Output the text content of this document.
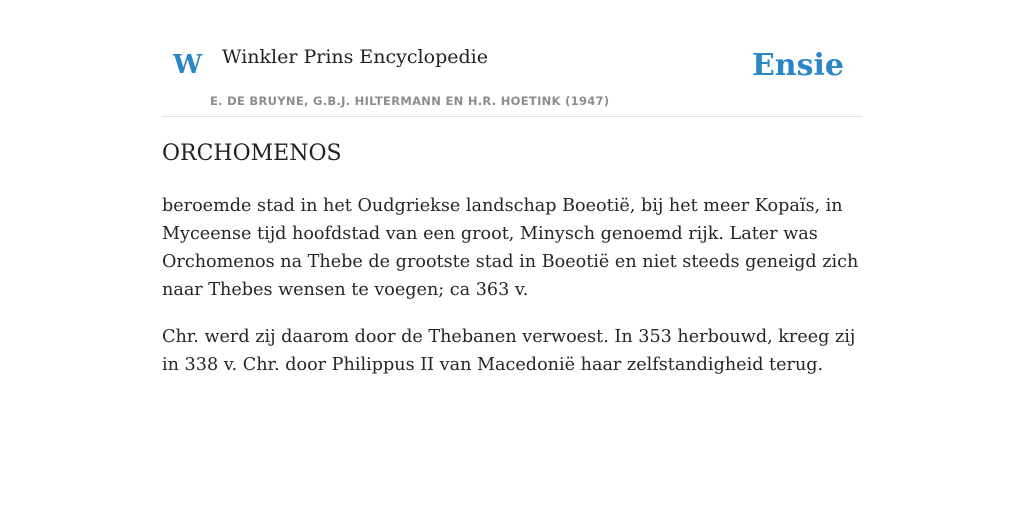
W Winkler Prins Encyclopedie
E. DE BRUYNE, G.B.J. HILTERMANN EN H.R. HOETINK (1947)
Ensie
ORCHOMENOS

beroemde stad in het Oudgriekse landschap Boeotië, bij het meer Kopaïs, in Myceense tijd hoofdstad van een groot, Minysch genoemd rijk. Later was Orchomenos na Thebe de grootste stad in Boeotië en niet steeds geneigd zich naar Thebes wensen te voegen; ca 363 v.

Chr. werd zij daarom door de Thebanen verwoest. In 353 herbouwd, kreeg zij in 338 v. Chr. door Philippus II van Macedonië haar zelfstandigheid terug.
